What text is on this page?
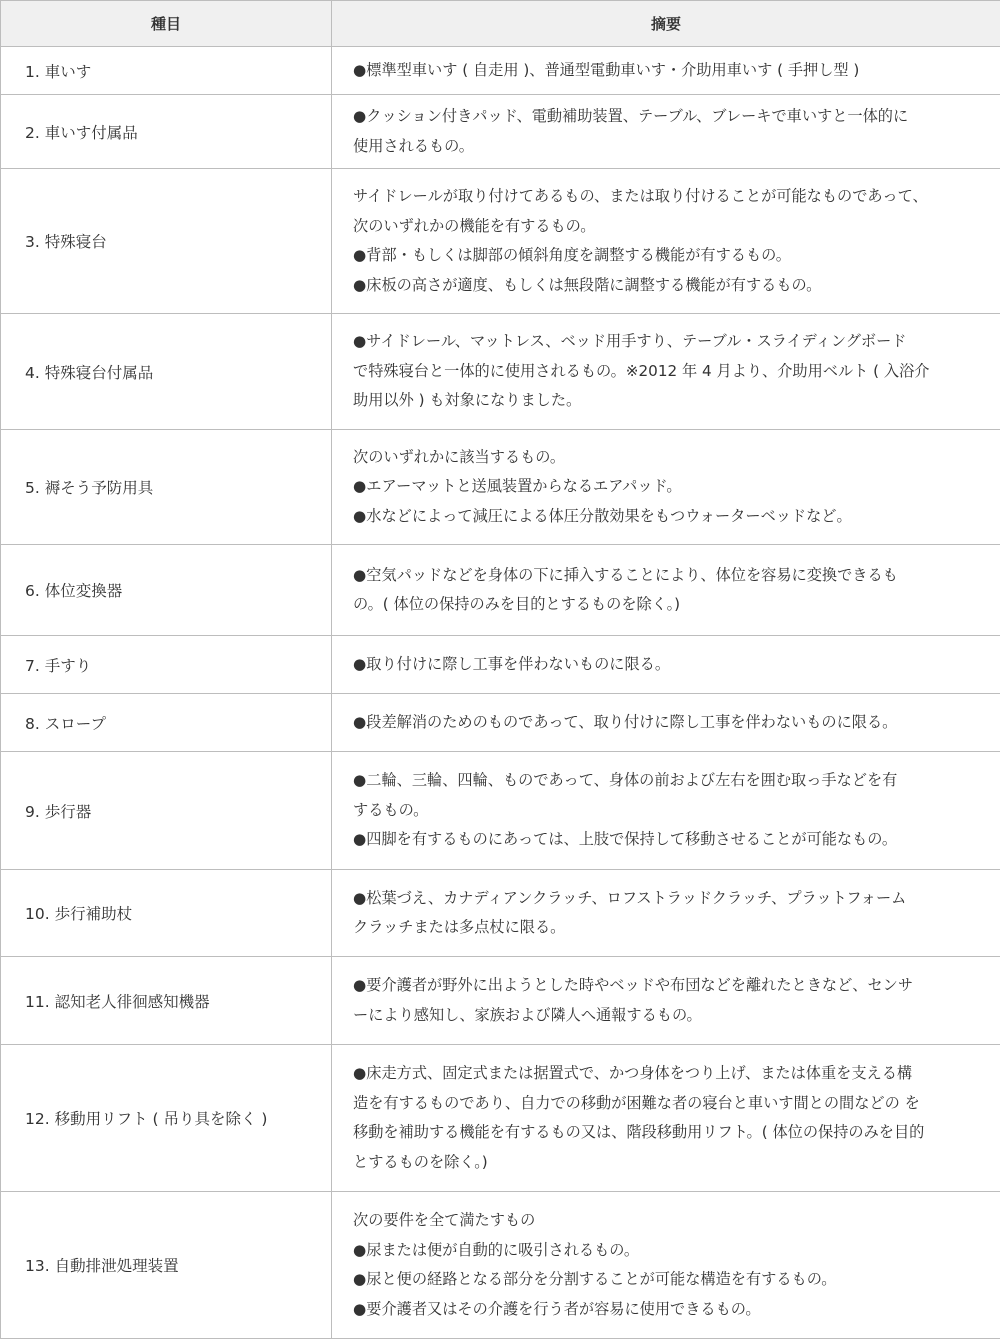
種目	摘要
1. 車いす	●標準型車いす ( 自走用 )、普通型電動車いす・介助用車いす ( 手押し型 )

2. 車いす付属品	●クッション付きパッド、電動補助装置、テーブル、ブレーキで車いすと一体的に
使用されるもの。

3. 特殊寝台	サイドレールが取り付けてあるもの、または取り付けることが可能なものであって、
次のいずれかの機能を有するもの。
●背部・もしくは脚部の傾斜角度を調整する機能が有するもの。
●床板の高さが適度、もしくは無段階に調整する機能が有するもの。

4. 特殊寝台付属品	●サイドレール、マットレス、ベッド用手すり、テーブル・スライディングボード
で特殊寝台と一体的に使用されるもの。※2012 年 4 月より、介助用ベルト ( 入浴介
助用以外 ) も対象になりました。

5. 褥そう予防用具	次のいずれかに該当するもの。
●エアーマットと送風装置からなるエアパッド。
●水などによって減圧による体圧分散効果をもつウォーターベッドなど。

6. 体位変換器	●空気パッドなどを身体の下に挿入することにより、体位を容易に変換できるも
の。( 体位の保持のみを目的とするものを除く。)

7. 手すり	●取り付けに際し工事を伴わないものに限る。

8. スロープ	●段差解消のためのものであって、取り付けに際し工事を伴わないものに限る。

9. 歩行器	●二輪、三輪、四輪、ものであって、身体の前および左右を囲む取っ手などを有
するもの。
●四脚を有するものにあっては、上肢で保持して移動させることが可能なもの。

10. 歩行補助杖	●松葉づえ、カナディアンクラッチ、ロフストラッドクラッチ、プラットフォーム
クラッチまたは多点杖に限る。

11. 認知老人徘徊感知機器	●要介護者が野外に出ようとした時やベッドや布団などを離れたときなど、センサ
ーにより感知し、家族および隣人へ通報するもの。

12. 移動用リフト ( 吊り具を除く )	●床走方式、固定式または据置式で、かつ身体をつり上げ、または体重を支える構
造を有するものであり、自力での移動が困難な者の寝台と車いす間との間などの を
移動を補助する機能を有するもの又は、階段移動用リフト。( 体位の保持のみを目的
とするものを除く。)

13. 自動排泄処理装置	次の要件を全て満たすもの
●尿または便が自動的に吸引されるもの。
●尿と便の経路となる部分を分割することが可能な構造を有するもの。
●要介護者又はその介護を行う者が容易に使用できるもの。
